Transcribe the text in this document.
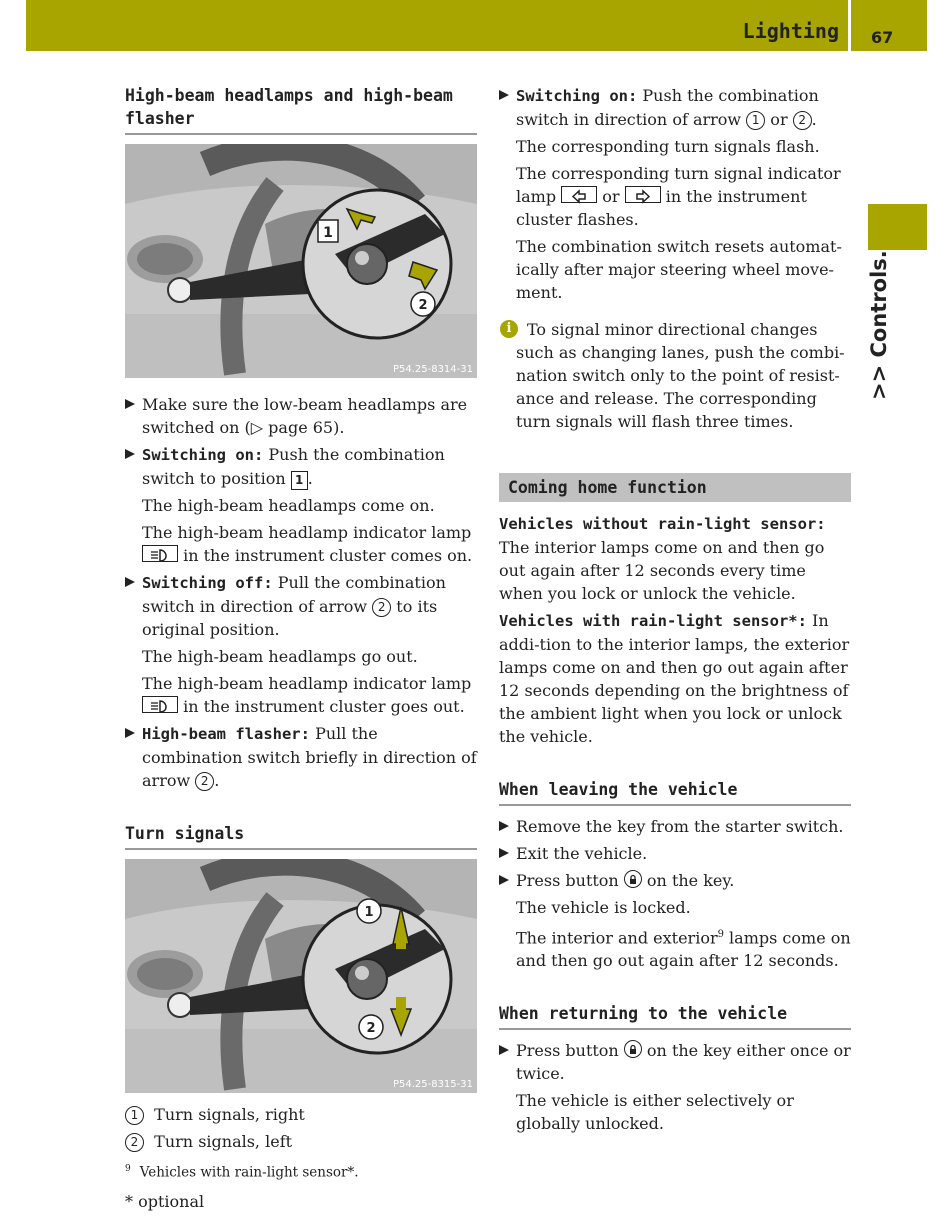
Lighting 67
>> Controls.
High-beam headlamps and high-beam flasher
1
2
P54.25-8314-31
Make sure the low-beam headlamps are switched on (▷ page 65).
Switching on: Push the combination switch to position 1 .

The high-beam headlamps come on.

The high-beam headlamp indicator lamp
in the instrument cluster comes on.

Switching off: Pull the combination switch in direction of arrow 2 to its original position.

The high-beam headlamps go out.

The high-beam headlamp indicator lamp
in the instrument cluster goes out.

High-beam flasher: Pull the combination switch briefly in direction of arrow 2 .
Turn signals
1
2
P54.25-8315-31

1 Turn signals, right

2 Turn signals, left

Switching on: Push the combination switch in direction of arrow 1 or 2 .

The corresponding turn signals flash.

The corresponding turn signal indicator lamp  or  in the instrument cluster flashes.

The combination switch resets automat-ically after major steering wheel move-ment.

i To signal minor directional changes such as changing lanes, push the combi-nation switch only to the point of resist-ance and release. The corresponding turn signals will flash three times.
Coming home function

Vehicles without rain-light sensor: The interior lamps come on and then go out again after 12 seconds every time when you lock or unlock the vehicle.

Vehicles with rain-light sensor*: In addi-tion to the interior lamps, the exterior lamps come on and then go out again after 12 seconds depending on the brightness of the ambient light when you lock or unlock the vehicle.

When leaving the vehicle
Remove the key from the starter switch.
Exit the vehicle.
Press button  on the key.

The vehicle is locked.

The interior and exterior$^9$ lamps come on and then go out again after 12 seconds.

When returning to the vehicle
Press button  on the key either once or twice.

The vehicle is either selectively or globally unlocked.

$^9$ Vehicles with rain-light sensor*.
* optional
